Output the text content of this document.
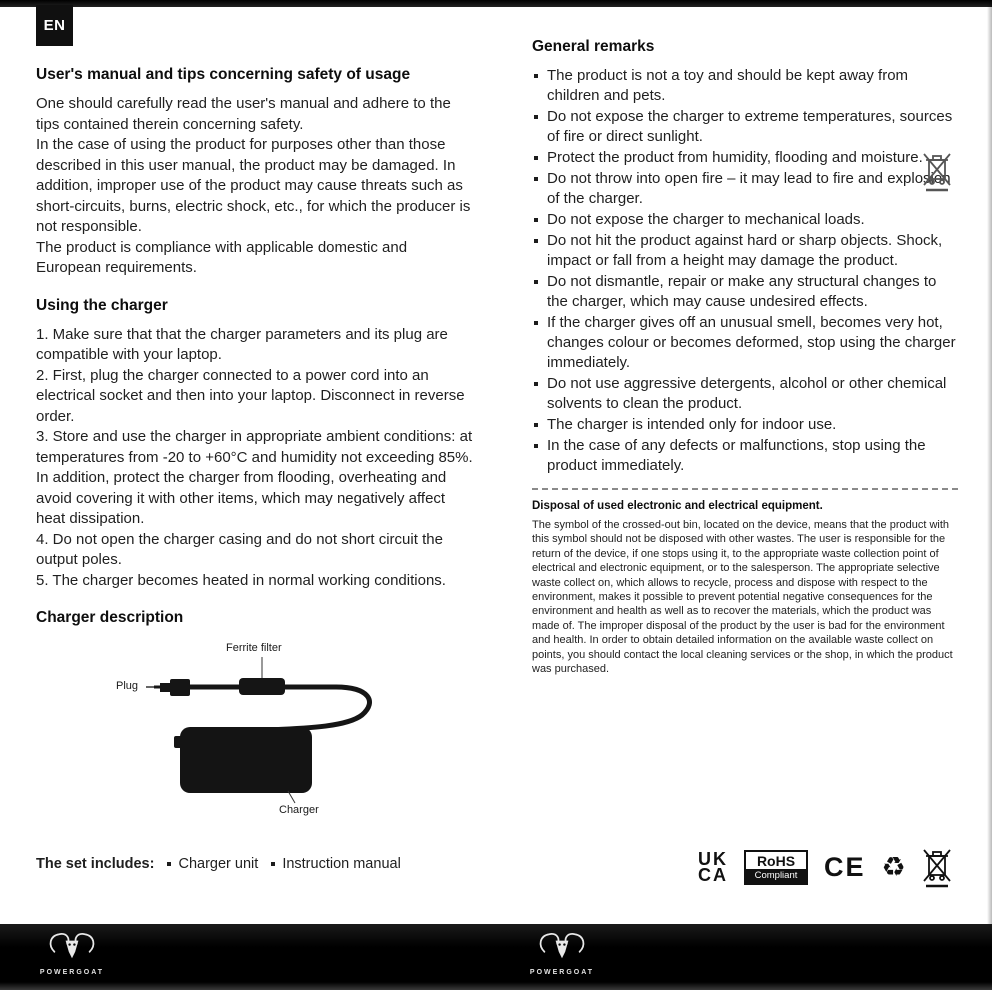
EN
User's manual and tips concerning safety of usage

One should carefully read the user's manual and adhere to the tips contained therein concerning safety.

In the case of using the product for purposes other than those described in this user manual, the product may be damaged. In addition, improper use of the product may cause threats such as short-circuits, burns, electric shock, etc., for which the producer is not responsible.

The product is compliance with applicable domestic and European requirements.

Using the charger

1. Make sure that that the charger parameters and its plug are compatible with your laptop.

2. First, plug the charger connected to a power cord into an electrical socket and then into your laptop. Disconnect in reverse order.

3. Store and use the charger in appropriate ambient conditions: at temperatures from -20 to +60°C and humidity not exceeding 85%. In addition, protect the charger from flooding, overheating and avoid covering it with other items, which may negatively affect heat dissipation.

4. Do not open the charger casing and do not short circuit the output poles.

5. The charger becomes heated in normal working conditions.

Charger description
Ferrite filter
Plug
Charger
General remarks
The product is not a toy and should be kept away from children and pets.
Do not expose the charger to extreme temperatures, sources of fire or direct sunlight.
Protect the product from humidity, flooding and moisture.
Do not throw into open fire – it may lead to fire and explosion of the charger.
Do not expose the charger to mechanical loads.
Do not hit the product against hard or sharp objects. Shock, impact or fall from a height may damage the product.
Do not dismantle, repair or make any structural changes to the charger, which may cause undesired effects.
If the charger gives off an unusual smell, becomes very hot, changes colour or becomes deformed, stop using the charger immediately.
Do not use aggressive detergents, alcohol or other chemical solvents to clean the product.
The charger is intended only for indoor use.
In the case of any defects or malfunctions, stop using the product immediately.
Disposal of used electronic and electrical equipment.
The symbol of the crossed-out bin, located on the device, means that the product with this symbol should not be disposed with other wastes. The user is responsible for the return of the device, if one stops using it, to the appropriate waste collection point of electrical and electronic equipment, or to the salesperson. The appropriate selective waste collect on, which allows to recycle, process and dispose with respect to the environment, makes it possible to prevent potential negative consequences for the environment and health as well as to recover the materials, which the product was made of. The improper disposal of the product by the user is bad for the environment and health. In order to obtain detailed information on the available waste collect on points, you should contact the local cleaning services or the shop, in which the product was purchased.
The set includes: Charger unit Instruction manual	UK
CA
RoHS
Compliant CE ♻
POWERGOAT	POWERGOAT
